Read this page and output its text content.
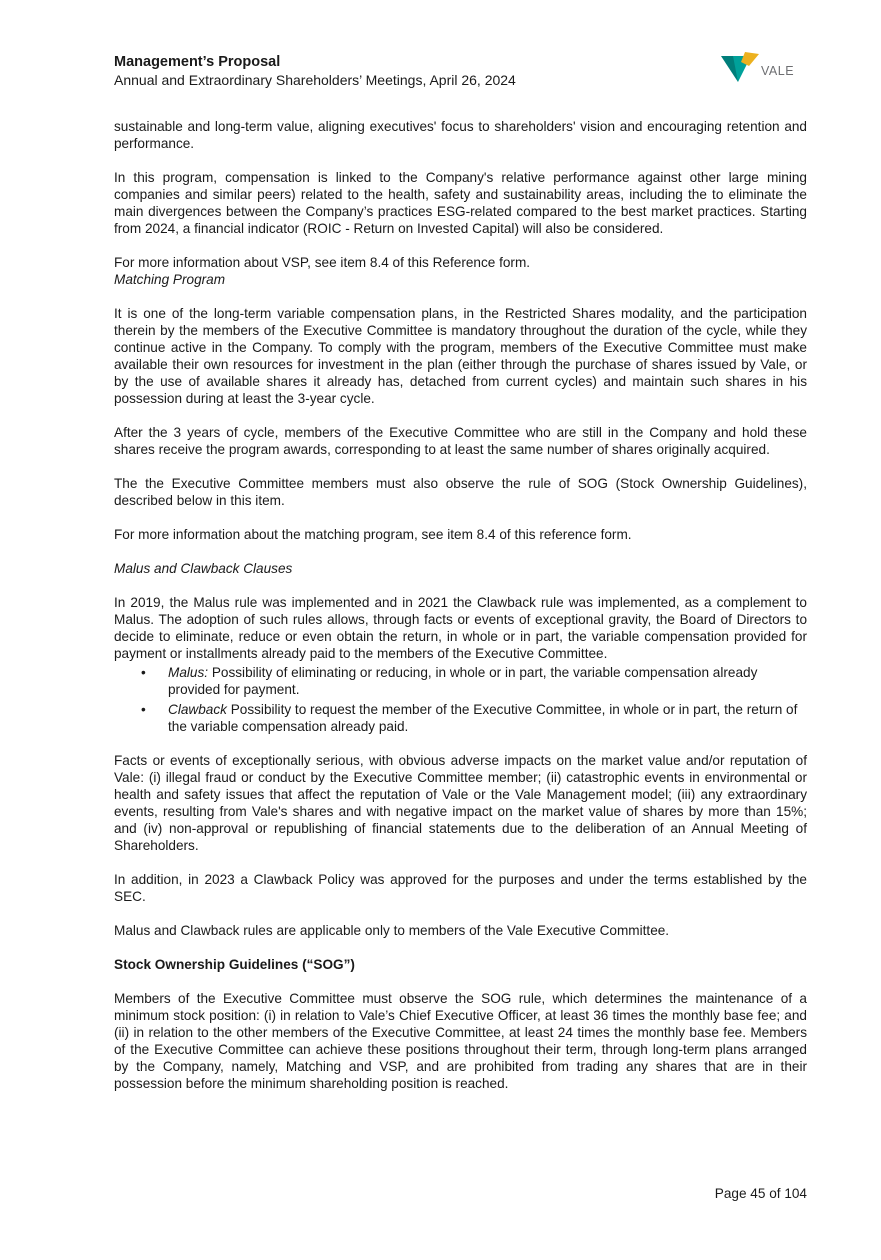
Management’s Proposal
Annual and Extraordinary Shareholders’ Meetings, April 26, 2024
VALE

sustainable and long-term value, aligning executives' focus to shareholders' vision and encouraging retention and performance.

In this program, compensation is linked to the Company's relative performance against other large mining companies and similar peers) related to the health, safety and sustainability areas, including the to eliminate the main divergences between the Company’s practices ESG-related compared to the best market practices. Starting from 2024, a financial indicator (ROIC - Return on Invested Capital) will also be considered.

For more information about VSP, see item 8.4 of this Reference form.

Matching Program

It is one of the long-term variable compensation plans, in the Restricted Shares modality, and the participation therein by the members of the Executive Committee is mandatory throughout the duration of the cycle, while they continue active in the Company. To comply with the program, members of the Executive Committee must make available their own resources for investment in the plan (either through the purchase of shares issued by Vale, or by the use of available shares it already has, detached from current cycles) and maintain such shares in his possession during at least the 3-year cycle.

After the 3 years of cycle, members of the Executive Committee who are still in the Company and hold these shares receive the program awards, corresponding to at least the same number of shares originally acquired.

The the Executive Committee members must also observe the rule of SOG (Stock Ownership Guidelines), described below in this item.

For more information about the matching program, see item 8.4 of this reference form.

Malus and Clawback Clauses

In 2019, the Malus rule was implemented and in 2021 the Clawback rule was implemented, as a complement to Malus. The adoption of such rules allows, through facts or events of exceptional gravity, the Board of Directors to decide to eliminate, reduce or even obtain the return, in whole or in part, the variable compensation provided for payment or installments already paid to the members of the Executive Committee.

• Malus: Possibility of eliminating or reducing, in whole or in part, the variable compensation already provided for payment.
• Clawback Possibility to request the member of the Executive Committee, in whole or in part, the return of the variable compensation already paid.

Facts or events of exceptionally serious, with obvious adverse impacts on the market value and/or reputation of Vale: (i) illegal fraud or conduct by the Executive Committee member; (ii) catastrophic events in environmental or health and safety issues that affect the reputation of Vale or the Vale Management model; (iii) any extraordinary events, resulting from Vale's shares and with negative impact on the market value of shares by more than 15%; and (iv) non-approval or republishing of financial statements due to the deliberation of an Annual Meeting of Shareholders.

In addition, in 2023 a Clawback Policy was approved for the purposes and under the terms established by the SEC.

Malus and Clawback rules are applicable only to members of the Vale Executive Committee.

Stock Ownership Guidelines (“SOG”)

Members of the Executive Committee must observe the SOG rule, which determines the maintenance of a minimum stock position: (i) in relation to Vale’s Chief Executive Officer, at least 36 times the monthly base fee; and (ii) in relation to the other members of the Executive Committee, at least 24 times the monthly base fee. Members of the Executive Committee can achieve these positions throughout their term, through long-term plans arranged by the Company, namely, Matching and VSP, and are prohibited from trading any shares that are in their possession before the minimum shareholding position is reached.

Page 45 of 104
